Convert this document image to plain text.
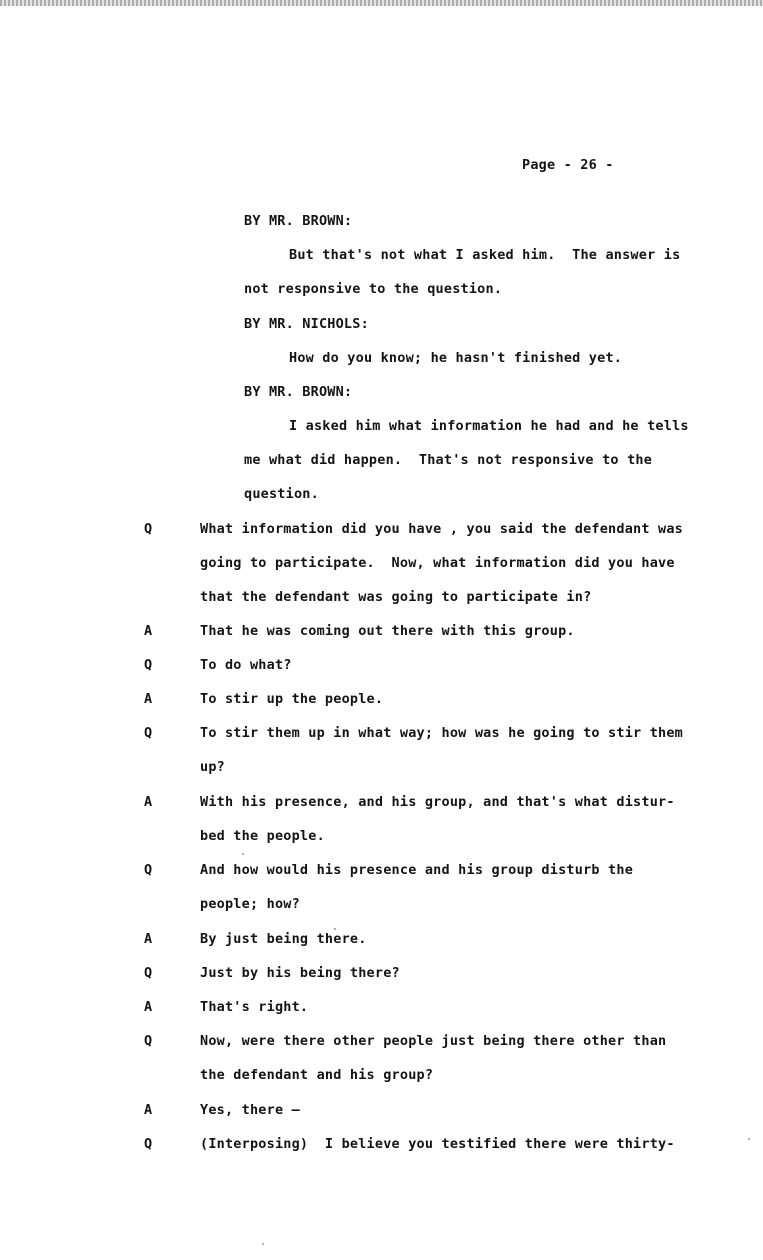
Page - 26 -
BY MR. BROWN:
But that's not what I asked him.  The answer is
not responsive to the question.
BY MR. NICHOLS:
How do you know; he hasn't finished yet.
BY MR. BROWN:
I asked him what information he had and he tells
me what did happen.  That's not responsive to the
question.
Q	What information did you have , you said the defendant was
going to participate.  Now, what information did you have
that the defendant was going to participate in?
A	That he was coming out there with this group.
Q	To do what?
A	To stir up the people.
Q	To stir them up in what way; how was he going to stir them
up?
A	With his presence, and his group, and that's what distur-
bed the people.
Q	And how would his presence and his group disturb the
people; how?
A	By just being there.
Q	Just by his being there?
A	That's right.
Q	Now, were there other people just being there other than
the defendant and his group?
A	Yes, there —
Q	(Interposing)  I believe you testified there were thirty-
